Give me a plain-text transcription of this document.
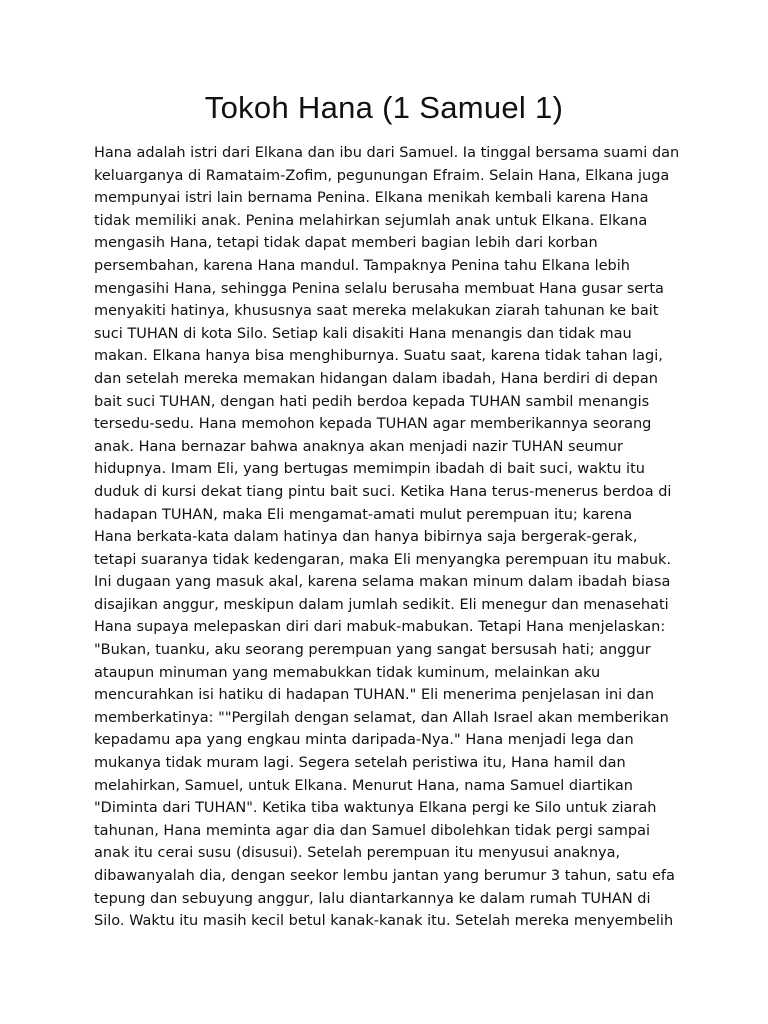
Tokoh Hana (1 Samuel 1)
Hana adalah istri dari Elkana dan ibu dari Samuel. Ia tinggal bersama suami dan
keluarganya di Ramataim-Zofim, pegunungan Efraim. Selain Hana, Elkana juga
mempunyai istri lain bernama Penina. Elkana menikah kembali karena Hana
tidak memiliki anak. Penina melahirkan sejumlah anak untuk Elkana. Elkana
mengasih Hana, tetapi tidak dapat memberi bagian lebih dari korban
persembahan, karena Hana mandul. Tampaknya Penina tahu Elkana lebih
mengasihi Hana, sehingga Penina selalu berusaha membuat Hana gusar serta
menyakiti hatinya, khususnya saat mereka melakukan ziarah tahunan ke bait
suci TUHAN di kota Silo. Setiap kali disakiti Hana menangis dan tidak mau
makan. Elkana hanya bisa menghiburnya. Suatu saat, karena tidak tahan lagi,
dan setelah mereka memakan hidangan dalam ibadah, Hana berdiri di depan
bait suci TUHAN, dengan hati pedih berdoa kepada TUHAN sambil menangis
tersedu-sedu. Hana memohon kepada TUHAN agar memberikannya seorang
anak. Hana bernazar bahwa anaknya akan menjadi nazir TUHAN seumur
hidupnya. Imam Eli, yang bertugas memimpin ibadah di bait suci, waktu itu
duduk di kursi dekat tiang pintu bait suci. Ketika Hana terus-menerus berdoa di
hadapan TUHAN, maka Eli mengamat-amati mulut perempuan itu; karena
Hana berkata-kata dalam hatinya dan hanya bibirnya saja bergerak-gerak,
tetapi suaranya tidak kedengaran, maka Eli menyangka perempuan itu mabuk.
Ini dugaan yang masuk akal, karena selama makan minum dalam ibadah biasa
disajikan anggur, meskipun dalam jumlah sedikit. Eli menegur dan menasehati
Hana supaya melepaskan diri dari mabuk-mabukan. Tetapi Hana menjelaskan:
"Bukan, tuanku, aku seorang perempuan yang sangat bersusah hati; anggur
ataupun minuman yang memabukkan tidak kuminum, melainkan aku
mencurahkan isi hatiku di hadapan TUHAN." Eli menerima penjelasan ini dan
memberkatinya: ""Pergilah dengan selamat, dan Allah Israel akan memberikan
kepadamu apa yang engkau minta daripada-Nya." Hana menjadi lega dan
mukanya tidak muram lagi. Segera setelah peristiwa itu, Hana hamil dan
melahirkan, Samuel, untuk Elkana. Menurut Hana, nama Samuel diartikan
"Diminta dari TUHAN". Ketika tiba waktunya Elkana pergi ke Silo untuk ziarah
tahunan, Hana meminta agar dia dan Samuel dibolehkan tidak pergi sampai
anak itu cerai susu (disusui). Setelah perempuan itu menyusui anaknya,
dibawanyalah dia, dengan seekor lembu jantan yang berumur 3 tahun, satu efa
tepung dan sebuyung anggur, lalu diantarkannya ke dalam rumah TUHAN di
Silo. Waktu itu masih kecil betul kanak-kanak itu. Setelah mereka menyembelih
